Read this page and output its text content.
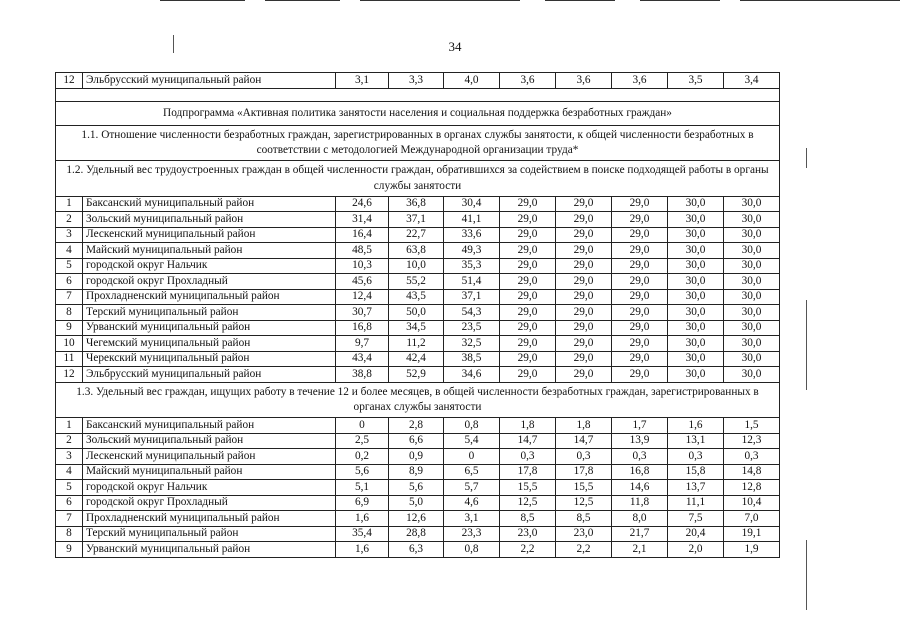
34
12	Эльбрусский муниципальный район	3,1	3,3	4,0	3,6	3,6	3,6	3,5	3,4

Подпрограмма «Активная политика занятости населения и социальная поддержка безработных граждан»									
1.1. Отношение численности безработных граждан, зарегистрированных в органах службы занятости, к общей численности безработных в соответствии с методологией Международной организации труда*									
1.2. Удельный вес трудоустроенных граждан в общей численности граждан, обратившихся за содействием в поиске подходящей работы в органы службы занятости									
1	Баксанский муниципальный район	24,6	36,8	30,4	29,0	29,0	29,0	30,0	30,0
2	Зольский муниципальный район	31,4	37,1	41,1	29,0	29,0	29,0	30,0	30,0
3	Лескенский муниципальный район	16,4	22,7	33,6	29,0	29,0	29,0	30,0	30,0
4	Майский муниципальный район	48,5	63,8	49,3	29,0	29,0	29,0	30,0	30,0
5	городской округ Нальчик	10,3	10,0	35,3	29,0	29,0	29,0	30,0	30,0
6	городской округ Прохладный	45,6	55,2	51,4	29,0	29,0	29,0	30,0	30,0
7	Прохладненский муниципальный район	12,4	43,5	37,1	29,0	29,0	29,0	30,0	30,0
8	Терский муниципальный район	30,7	50,0	54,3	29,0	29,0	29,0	30,0	30,0
9	Урванский муниципальный район	16,8	34,5	23,5	29,0	29,0	29,0	30,0	30,0
10	Чегемский муниципальный район	9,7	11,2	32,5	29,0	29,0	29,0	30,0	30,0
11	Черекский муниципальный район	43,4	42,4	38,5	29,0	29,0	29,0	30,0	30,0
12	Эльбрусский муниципальный район	38,8	52,9	34,6	29,0	29,0	29,0	30,0	30,0
1.3. Удельный вес граждан, ищущих работу в течение 12 и более месяцев, в общей численности безработных граждан, зарегистрированных в органах службы занятости									
1	Баксанский муниципальный район	0	2,8	0,8	1,8	1,8	1,7	1,6	1,5
2	Зольский муниципальный район	2,5	6,6	5,4	14,7	14,7	13,9	13,1	12,3
3	Лескенский муниципальный район	0,2	0,9	0	0,3	0,3	0,3	0,3	0,3
4	Майский муниципальный район	5,6	8,9	6,5	17,8	17,8	16,8	15,8	14,8
5	городской округ Нальчик	5,1	5,6	5,7	15,5	15,5	14,6	13,7	12,8
6	городской округ Прохладный	6,9	5,0	4,6	12,5	12,5	11,8	11,1	10,4
7	Прохладненский муниципальный район	1,6	12,6	3,1	8,5	8,5	8,0	7,5	7,0
8	Терский муниципальный район	35,4	28,8	23,3	23,0	23,0	21,7	20,4	19,1
9	Урванский муниципальный район	1,6	6,3	0,8	2,2	2,2	2,1	2,0	1,9
